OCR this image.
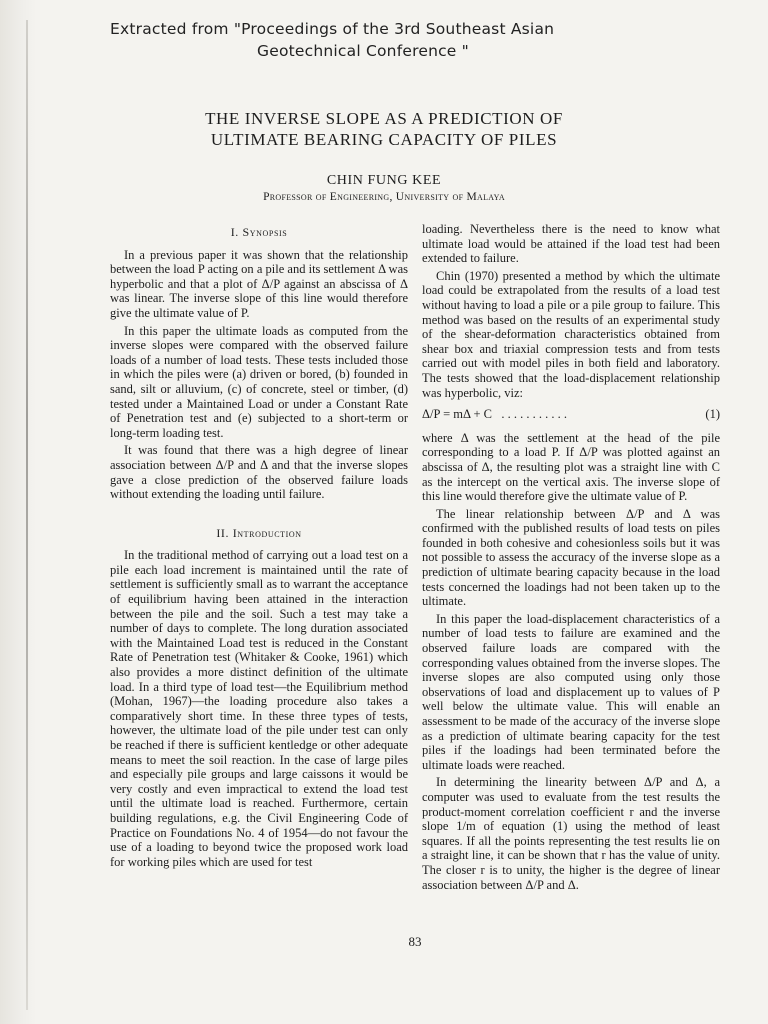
Extracted from "Proceedings of the 3rd Southeast Asian
Geotechnical Conference "
THE INVERSE SLOPE AS A PREDICTION OF
ULTIMATE BEARING CAPACITY OF PILES
CHIN FUNG KEE
Professor of Engineering, University of Malaya
I. Synopsis

In a previous paper it was shown that the relationship between the load P acting on a pile and its settlement Δ was hyperbolic and that a plot of Δ/P against an abscissa of Δ was linear. The inverse slope of this line would therefore give the ultimate value of P.

In this paper the ultimate loads as computed from the inverse slopes were compared with the observed failure loads of a number of load tests. These tests included those in which the piles were (a) driven or bored, (b) founded in sand, silt or alluvium, (c) of concrete, steel or timber, (d) tested under a Maintained Load or under a Constant Rate of Penetration test and (e) subjected to a short-term or long-term loading test.

It was found that there was a high degree of linear association between Δ/P and Δ and that the inverse slopes gave a close prediction of the observed failure loads without extending the loading until failure.

II. Introduction

In the traditional method of carrying out a load test on a pile each load increment is maintained until the rate of settlement is sufficiently small as to warrant the acceptance of equilibrium having been attained in the interaction between the pile and the soil. Such a test may take a number of days to complete. The long duration associated with the Maintained Load test is reduced in the Constant Rate of Penetration test (Whitaker & Cooke, 1961) which also provides a more distinct definition of the ultimate load. In a third type of load test—the Equilibrium method (Mohan, 1967)—the loading procedure also takes a comparatively short time. In these three types of tests, however, the ultimate load of the pile under test can only be reached if there is sufficient kentledge or other adequate means to meet the soil reaction. In the case of large piles and especially pile groups and large caissons it would be very costly and even impractical to extend the load test until the ultimate load is reached. Furthermore, certain building regulations, e.g. the Civil Engineering Code of Practice on Foundations No. 4 of 1954—do not favour the use of a loading to beyond twice the proposed work load for working piles which are used for test

loading. Nevertheless there is the need to know what ultimate load would be attained if the load test had been extended to failure.

Chin (1970) presented a method by which the ultimate load could be extrapolated from the results of a load test without having to load a pile or a pile group to failure. This method was based on the results of an experimental study of the shear-deformation characteristics obtained from shear box and triaxial compression tests and from tests carried out with model piles in both field and laboratory. The tests showed that the load-displacement relationship was hyperbolic, viz:

Δ/P = mΔ + C . . . . . . . . . . .	(1)

where Δ was the settlement at the head of the pile corresponding to a load P. If Δ/P was plotted against an abscissa of Δ, the resulting plot was a straight line with C as the intercept on the vertical axis. The inverse slope of this line would therefore give the ultimate value of P.

The linear relationship between Δ/P and Δ was confirmed with the published results of load tests on piles founded in both cohesive and cohesionless soils but it was not possible to assess the accuracy of the inverse slope as a prediction of ultimate bearing capacity because in the load tests concerned the loadings had not been taken up to the ultimate.

In this paper the load-displacement characteristics of a number of load tests to failure are examined and the observed failure loads are compared with the corresponding values obtained from the inverse slopes. The inverse slopes are also computed using only those observations of load and displacement up to values of P well below the ultimate value. This will enable an assessment to be made of the accuracy of the inverse slope as a prediction of ultimate bearing capacity for the test piles if the loadings had been terminated before the ultimate loads were reached.

In determining the linearity between Δ/P and Δ, a computer was used to evaluate from the test results the product-moment correlation coefficient r and the inverse slope 1/m of equation (1) using the method of least squares. If all the points representing the test results lie on a straight line, it can be shown that r has the value of unity. The closer r is to unity, the higher is the degree of linear association between Δ/P and Δ.

83
